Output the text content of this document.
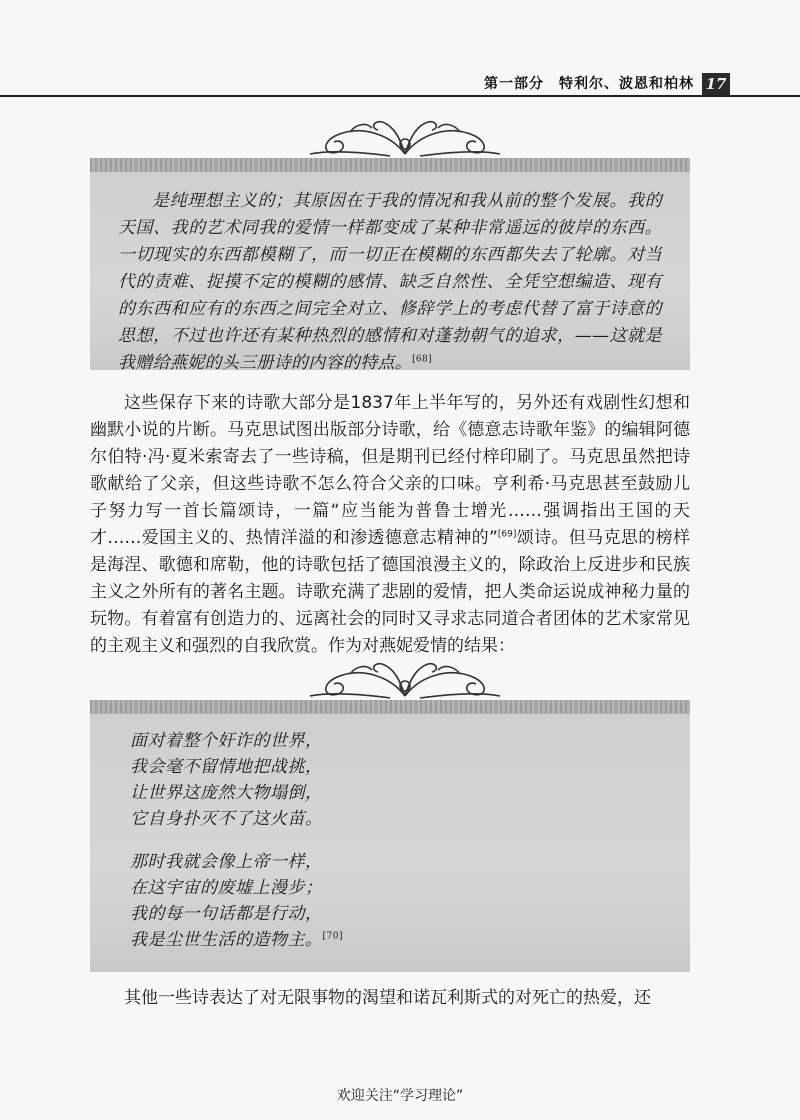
第一部分　特利尔、波恩和柏林 17

是纯理想主义的；其原因在于我的情况和我从前的整个发展。我的天国、我的艺术同我的爱情一样都变成了某种非常遥远的彼岸的东西。一切现实的东西都模糊了，而一切正在模糊的东西都失去了轮廓。对当代的责难、捉摸不定的模糊的感情、缺乏自然性、全凭空想编造、现有的东西和应有的东西之间完全对立、修辞学上的考虑代替了富于诗意的思想，不过也许还有某种热烈的感情和对蓬勃朝气的追求，——这就是我赠给燕妮的头三册诗的内容的特点。[68]

这些保存下来的诗歌大部分是1837年上半年写的，另外还有戏剧性幻想和幽默小说的片断。马克思试图出版部分诗歌，给《德意志诗歌年鉴》的编辑阿德尔伯特·冯·夏米索寄去了一些诗稿，但是期刊已经付梓印刷了。马克思虽然把诗歌献给了父亲，但这些诗歌不怎么符合父亲的口味。亨利希·马克思甚至鼓励儿子努力写一首长篇颂诗，一篇“应当能为普鲁士增光……强调指出王国的天才……爱国主义的、热情洋溢的和渗透德意志精神的”[69]颂诗。但马克思的榜样是海涅、歌德和席勒，他的诗歌包括了德国浪漫主义的，除政治上反进步和民族主义之外所有的著名主题。诗歌充满了悲剧的爱情，把人类命运说成神秘力量的玩物。有着富有创造力的、远离社会的同时又寻求志同道合者团体的艺术家常见的主观主义和强烈的自我欣赏。作为对燕妮爱情的结果：

面对着整个奸诈的世界，
我会毫不留情地把战挑，
让世界这庞然大物塌倒，
它自身扑灭不了这火苗。
那时我就会像上帝一样，
在这宇宙的废墟上漫步；
我的每一句话都是行动，
我是尘世生活的造物主。[70]

其他一些诗表达了对无限事物的渴望和诺瓦利斯式的对死亡的热爱，还

欢迎关注“学习理论”
